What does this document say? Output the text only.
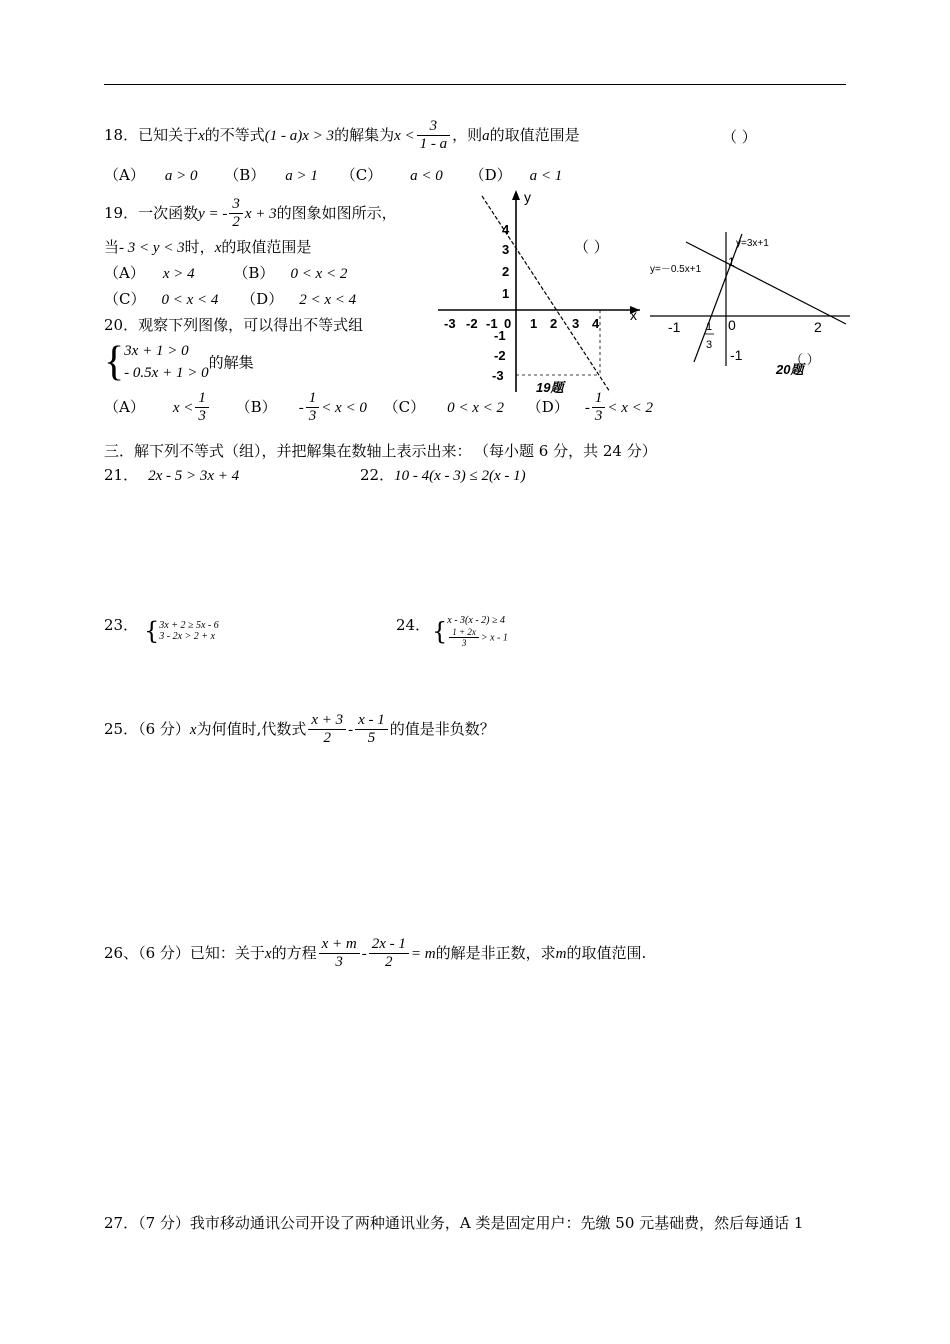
18．已知关于x的不等式(1 - a)x > 3的解集为$x < \frac{3}{1 - a}$ ，则a的取值范围是	（ ）
（A） a > 0 （B） a > 1 （C） a < 0 （D） a < 1
19．一次函数y = - $\frac{3}{2}$ x + 3的图象如图所示，
当- 3 < y < 3时，x的取值范围是	（ ）
（A） x > 4	（B） 0 < x < 2
（C） 0 < x < 4 （D） 2 < x < 4
20．观察下列图像，可以得出不等式组
{ 3x + 1 > 0
- 0.5x + 1 > 0
的解集
（A） $x < \frac{1}{3} (B) - \frac{1}{3} < x < 0$ （C） 0 < x < 2 $(D) - \frac{1}{3} < x < 2$
y
x
-3 -2 -1 0 1 2 3 4
4
3
2
1
-1
-2
-3
19题
y=3x+1
y=－0.5x+1
1
-1	0	2
-1
1
3
（ ）
20题
三．解下列不等式（组），并把解集在数轴上表示出来： （每小题 6 分，共 24 分）
21． 2x - 5 > 3x + 4	22．10 - 4(x - 3) ≤ 2(x - 1)
23． { 3x + 2 ≥ 5x - 6
3 - 2x > 2 + x
24． { x - 3(x - 2) ≥ 4
$\frac{1 + 2x}{3} > x - 1$
25．（6 分）x为何值时,代数式 $\frac{x + 3}{2} - \frac{x - 1}{5}$ 的值是非负数？
26、（6 分）已知：关于x的方程 $\frac{x + m}{3} - \frac{2x - 1}{2} = m$的解是非正数，求m的取值范围.
27．（7 分）我市移动通讯公司开设了两种通讯业务，A 类是固定用户：先缴 50 元基础费，然后每通话 1
